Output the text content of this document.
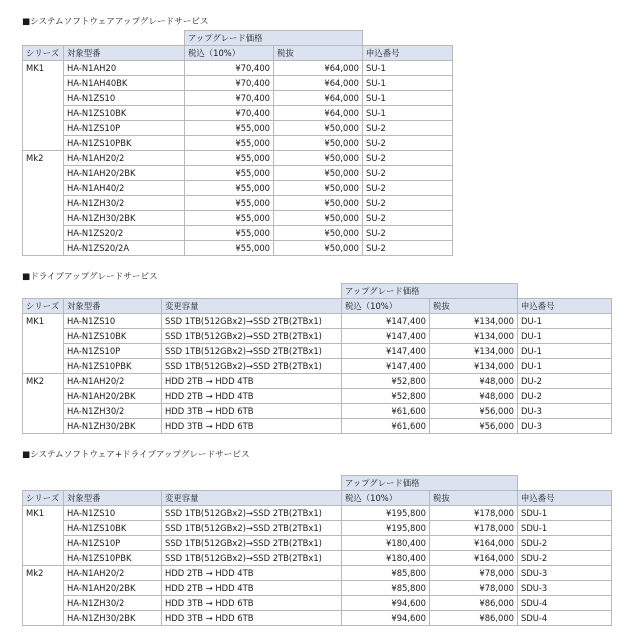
■システムソフトウェアアップグレードサービス
		アップグレード価格		
シリーズ	対象型番	税込（10%）	税抜	申込番号
MK1	HA-N1AH20	¥70,400	¥64,000	SU-1
	HA-N1AH40BK	¥70,400	¥64,000	SU-1
	HA-N1ZS10	¥70,400	¥64,000	SU-1
	HA-N1ZS10BK	¥70,400	¥64,000	SU-1
	HA-N1ZS10P	¥55,000	¥50,000	SU-2
	HA-N1ZS10PBK	¥55,000	¥50,000	SU-2
Mk2	HA-N1AH20/2	¥55,000	¥50,000	SU-2
	HA-N1AH20/2BK	¥55,000	¥50,000	SU-2
	HA-N1AH40/2	¥55,000	¥50,000	SU-2
	HA-N1ZH30/2	¥55,000	¥50,000	SU-2
	HA-N1ZH30/2BK	¥55,000	¥50,000	SU-2
	HA-N1ZS20/2	¥55,000	¥50,000	SU-2
	HA-N1ZS20/2A	¥55,000	¥50,000	SU-2
■ドライブアップグレードサービス
			アップグレード価格		
シリーズ	対象型番	変更容量	税込（10%）	税抜	申込番号
MK1	HA-N1ZS10	SSD 1TB(512GBx2)→SSD 2TB(2TBx1)	¥147,400	¥134,000	DU-1
	HA-N1ZS10BK	SSD 1TB(512GBx2)→SSD 2TB(2TBx1)	¥147,400	¥134,000	DU-1
	HA-N1ZS10P	SSD 1TB(512GBx2)→SSD 2TB(2TBx1)	¥147,400	¥134,000	DU-1
	HA-N1ZS10PBK	SSD 1TB(512GBx2)→SSD 2TB(2TBx1)	¥147,400	¥134,000	DU-1
MK2	HA-N1AH20/2	HDD 2TB → HDD 4TB	¥52,800	¥48,000	DU-2
	HA-N1AH20/2BK	HDD 2TB → HDD 4TB	¥52,800	¥48,000	DU-2
	HA-N1ZH30/2	HDD 3TB → HDD 6TB	¥61,600	¥56,000	DU-3
	HA-N1ZH30/2BK	HDD 3TB → HDD 6TB	¥61,600	¥56,000	DU-3
■システムソフトウェア+ドライブアップグレードサービス
			アップグレード価格		
シリーズ	対象型番	変更容量	税込（10%）	税抜	申込番号
MK1	HA-N1ZS10	SSD 1TB(512GBx2)→SSD 2TB(2TBx1)	¥195,800	¥178,000	SDU-1
	HA-N1ZS10BK	SSD 1TB(512GBx2)→SSD 2TB(2TBx1)	¥195,800	¥178,000	SDU-1
	HA-N1ZS10P	SSD 1TB(512GBx2)→SSD 2TB(2TBx1)	¥180,400	¥164,000	SDU-2
	HA-N1ZS10PBK	SSD 1TB(512GBx2)→SSD 2TB(2TBx1)	¥180,400	¥164,000	SDU-2
Mk2	HA-N1AH20/2	HDD 2TB → HDD 4TB	¥85,800	¥78,000	SDU-3
	HA-N1AH20/2BK	HDD 2TB → HDD 4TB	¥85,800	¥78,000	SDU-3
	HA-N1ZH30/2	HDD 3TB → HDD 6TB	¥94,600	¥86,000	SDU-4
	HA-N1ZH30/2BK	HDD 3TB → HDD 6TB	¥94,600	¥86,000	SDU-4
